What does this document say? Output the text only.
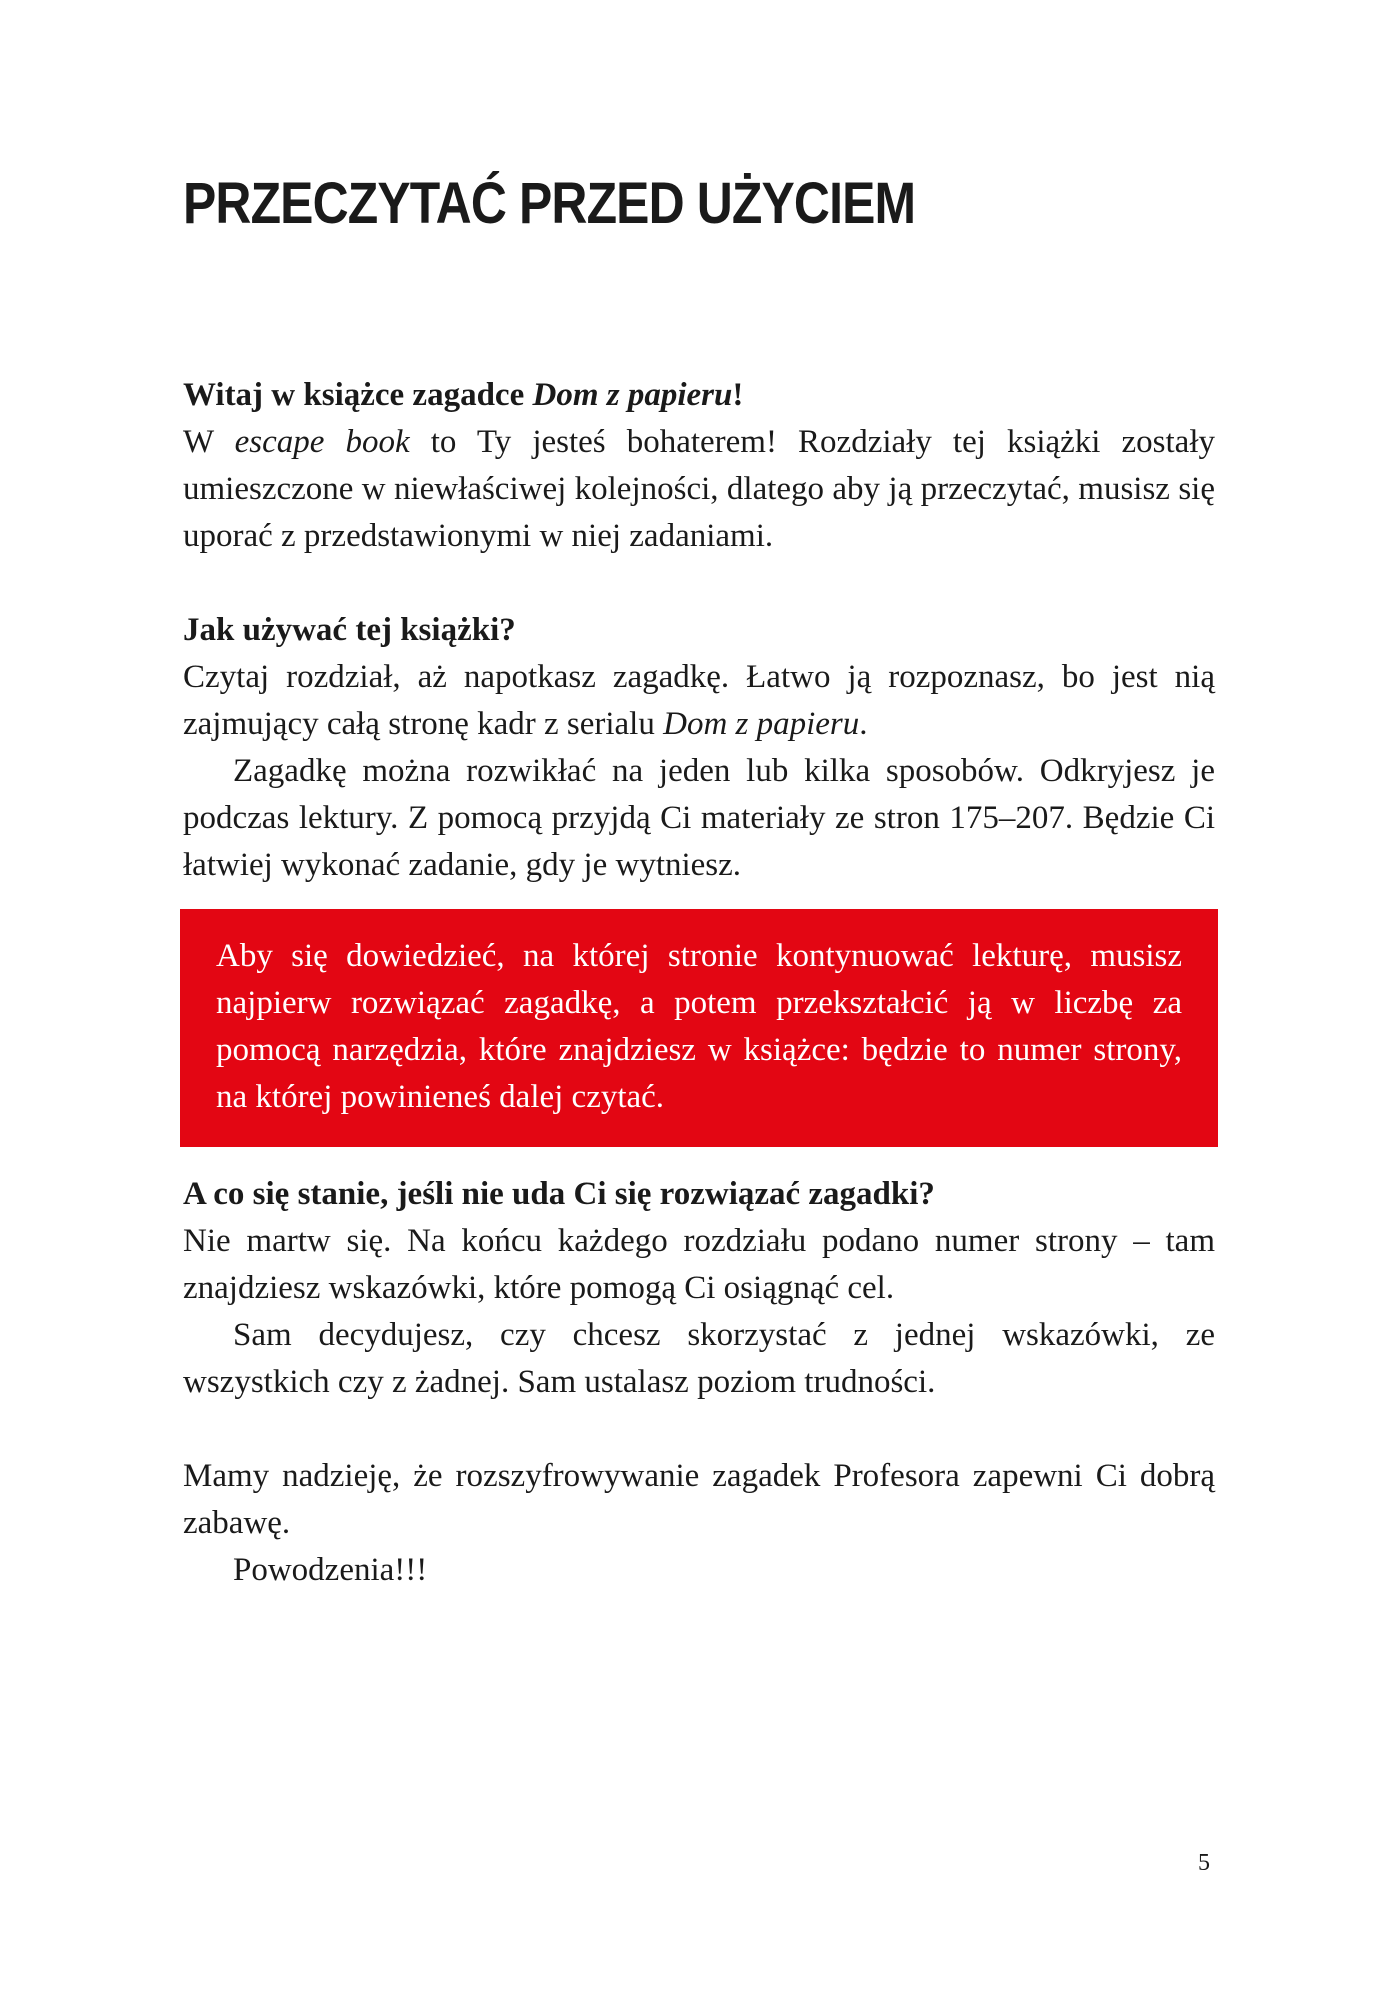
PRZECZYTAĆ PRZED UŻYCIEM

Witaj w książce zagadce Dom z papieru!

W escape book to Ty jesteś bohaterem! Rozdziały tej książki zostały umieszczone w niewłaściwej kolejności, dlatego aby ją przeczytać, musisz się uporać z przedstawionymi w niej zadaniami.

Jak używać tej książki?

Czytaj rozdział, aż napotkasz zagadkę. Łatwo ją rozpoznasz, bo jest nią zajmujący całą stronę kadr z serialu Dom z papieru.

Zagadkę można rozwikłać na jeden lub kilka sposobów. Odkryjesz je podczas lektury. Z pomocą przyjdą Ci materiały ze stron 175–207. Będzie Ci łatwiej wykonać zadanie, gdy je wytniesz.

Aby się dowiedzieć, na której stronie kontynuować lekturę, musisz najpierw rozwiązać zagadkę, a potem przekształcić ją w liczbę za pomocą narzędzia, które znajdziesz w książce: będzie to numer strony, na której powinieneś dalej czytać.

A co się stanie, jeśli nie uda Ci się rozwiązać zagadki?

Nie martw się. Na końcu każdego rozdziału podano numer strony – tam znajdziesz wskazówki, które pomogą Ci osiągnąć cel.

Sam decydujesz, czy chcesz skorzystać z jednej wskazówki, ze wszystkich czy z żadnej. Sam ustalasz poziom trudności.

Mamy nadzieję, że rozszyfrowywanie zagadek Profesora zapewni Ci dobrą zabawę.

Powodzenia!!!

5
